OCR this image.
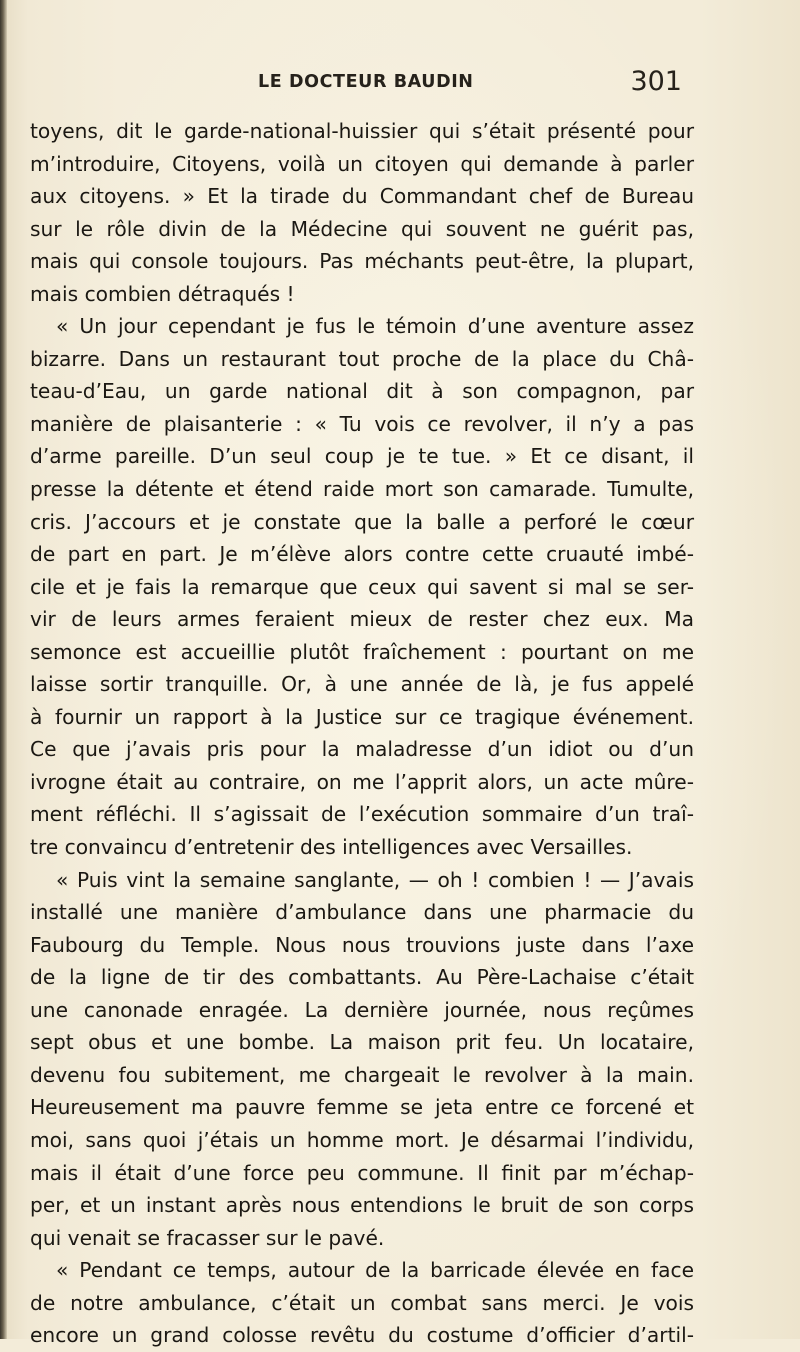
LE DOCTEUR BAUDIN	301
toyens, dit le garde-national-huissier qui s’était présenté pour
m’introduire, Citoyens, voilà un citoyen qui demande à parler
aux citoyens. » Et la tirade du Commandant chef de Bureau
sur le rôle divin de la Médecine qui souvent ne guérit pas,
mais qui console toujours. Pas méchants peut-être, la plupart,
mais combien détraqués !
« Un jour cependant je fus le témoin d’une aventure assez
bizarre. Dans un restaurant tout proche de la place du Châ-
teau-d’Eau, un garde national dit à son compagnon, par
manière de plaisanterie : « Tu vois ce revolver, il n’y a pas
d’arme pareille. D’un seul coup je te tue. » Et ce disant, il
presse la détente et étend raide mort son camarade. Tumulte,
cris. J’accours et je constate que la balle a perforé le cœur
de part en part. Je m’élève alors contre cette cruauté imbé-
cile et je fais la remarque que ceux qui savent si mal se ser-
vir de leurs armes feraient mieux de rester chez eux. Ma
semonce est accueillie plutôt fraîchement : pourtant on me
laisse sortir tranquille. Or, à une année de là, je fus appelé
à fournir un rapport à la Justice sur ce tragique événement.
Ce que j’avais pris pour la maladresse d’un idiot ou d’un
ivrogne était au contraire, on me l’apprit alors, un acte mûre-
ment réfléchi. Il s’agissait de l’exécution sommaire d’un traî-
tre convaincu d’entretenir des intelligences avec Versailles.
« Puis vint la semaine sanglante, — oh ! combien ! — J’avais
installé une manière d’ambulance dans une pharmacie du
Faubourg du Temple. Nous nous trouvions juste dans l’axe
de la ligne de tir des combattants. Au Père-Lachaise c’était
une canonade enragée. La dernière journée, nous reçûmes
sept obus et une bombe. La maison prit feu. Un locataire,
devenu fou subitement, me chargeait le revolver à la main.
Heureusement ma pauvre femme se jeta entre ce forcené et
moi, sans quoi j’étais un homme mort. Je désarmai l’individu,
mais il était d’une force peu commune. Il finit par m’échap-
per, et un instant après nous entendions le bruit de son corps
qui venait se fracasser sur le pavé.
« Pendant ce temps, autour de la barricade élevée en face
de notre ambulance, c’était un combat sans merci. Je vois
encore un grand colosse revêtu du costume d’officier d’artil-
